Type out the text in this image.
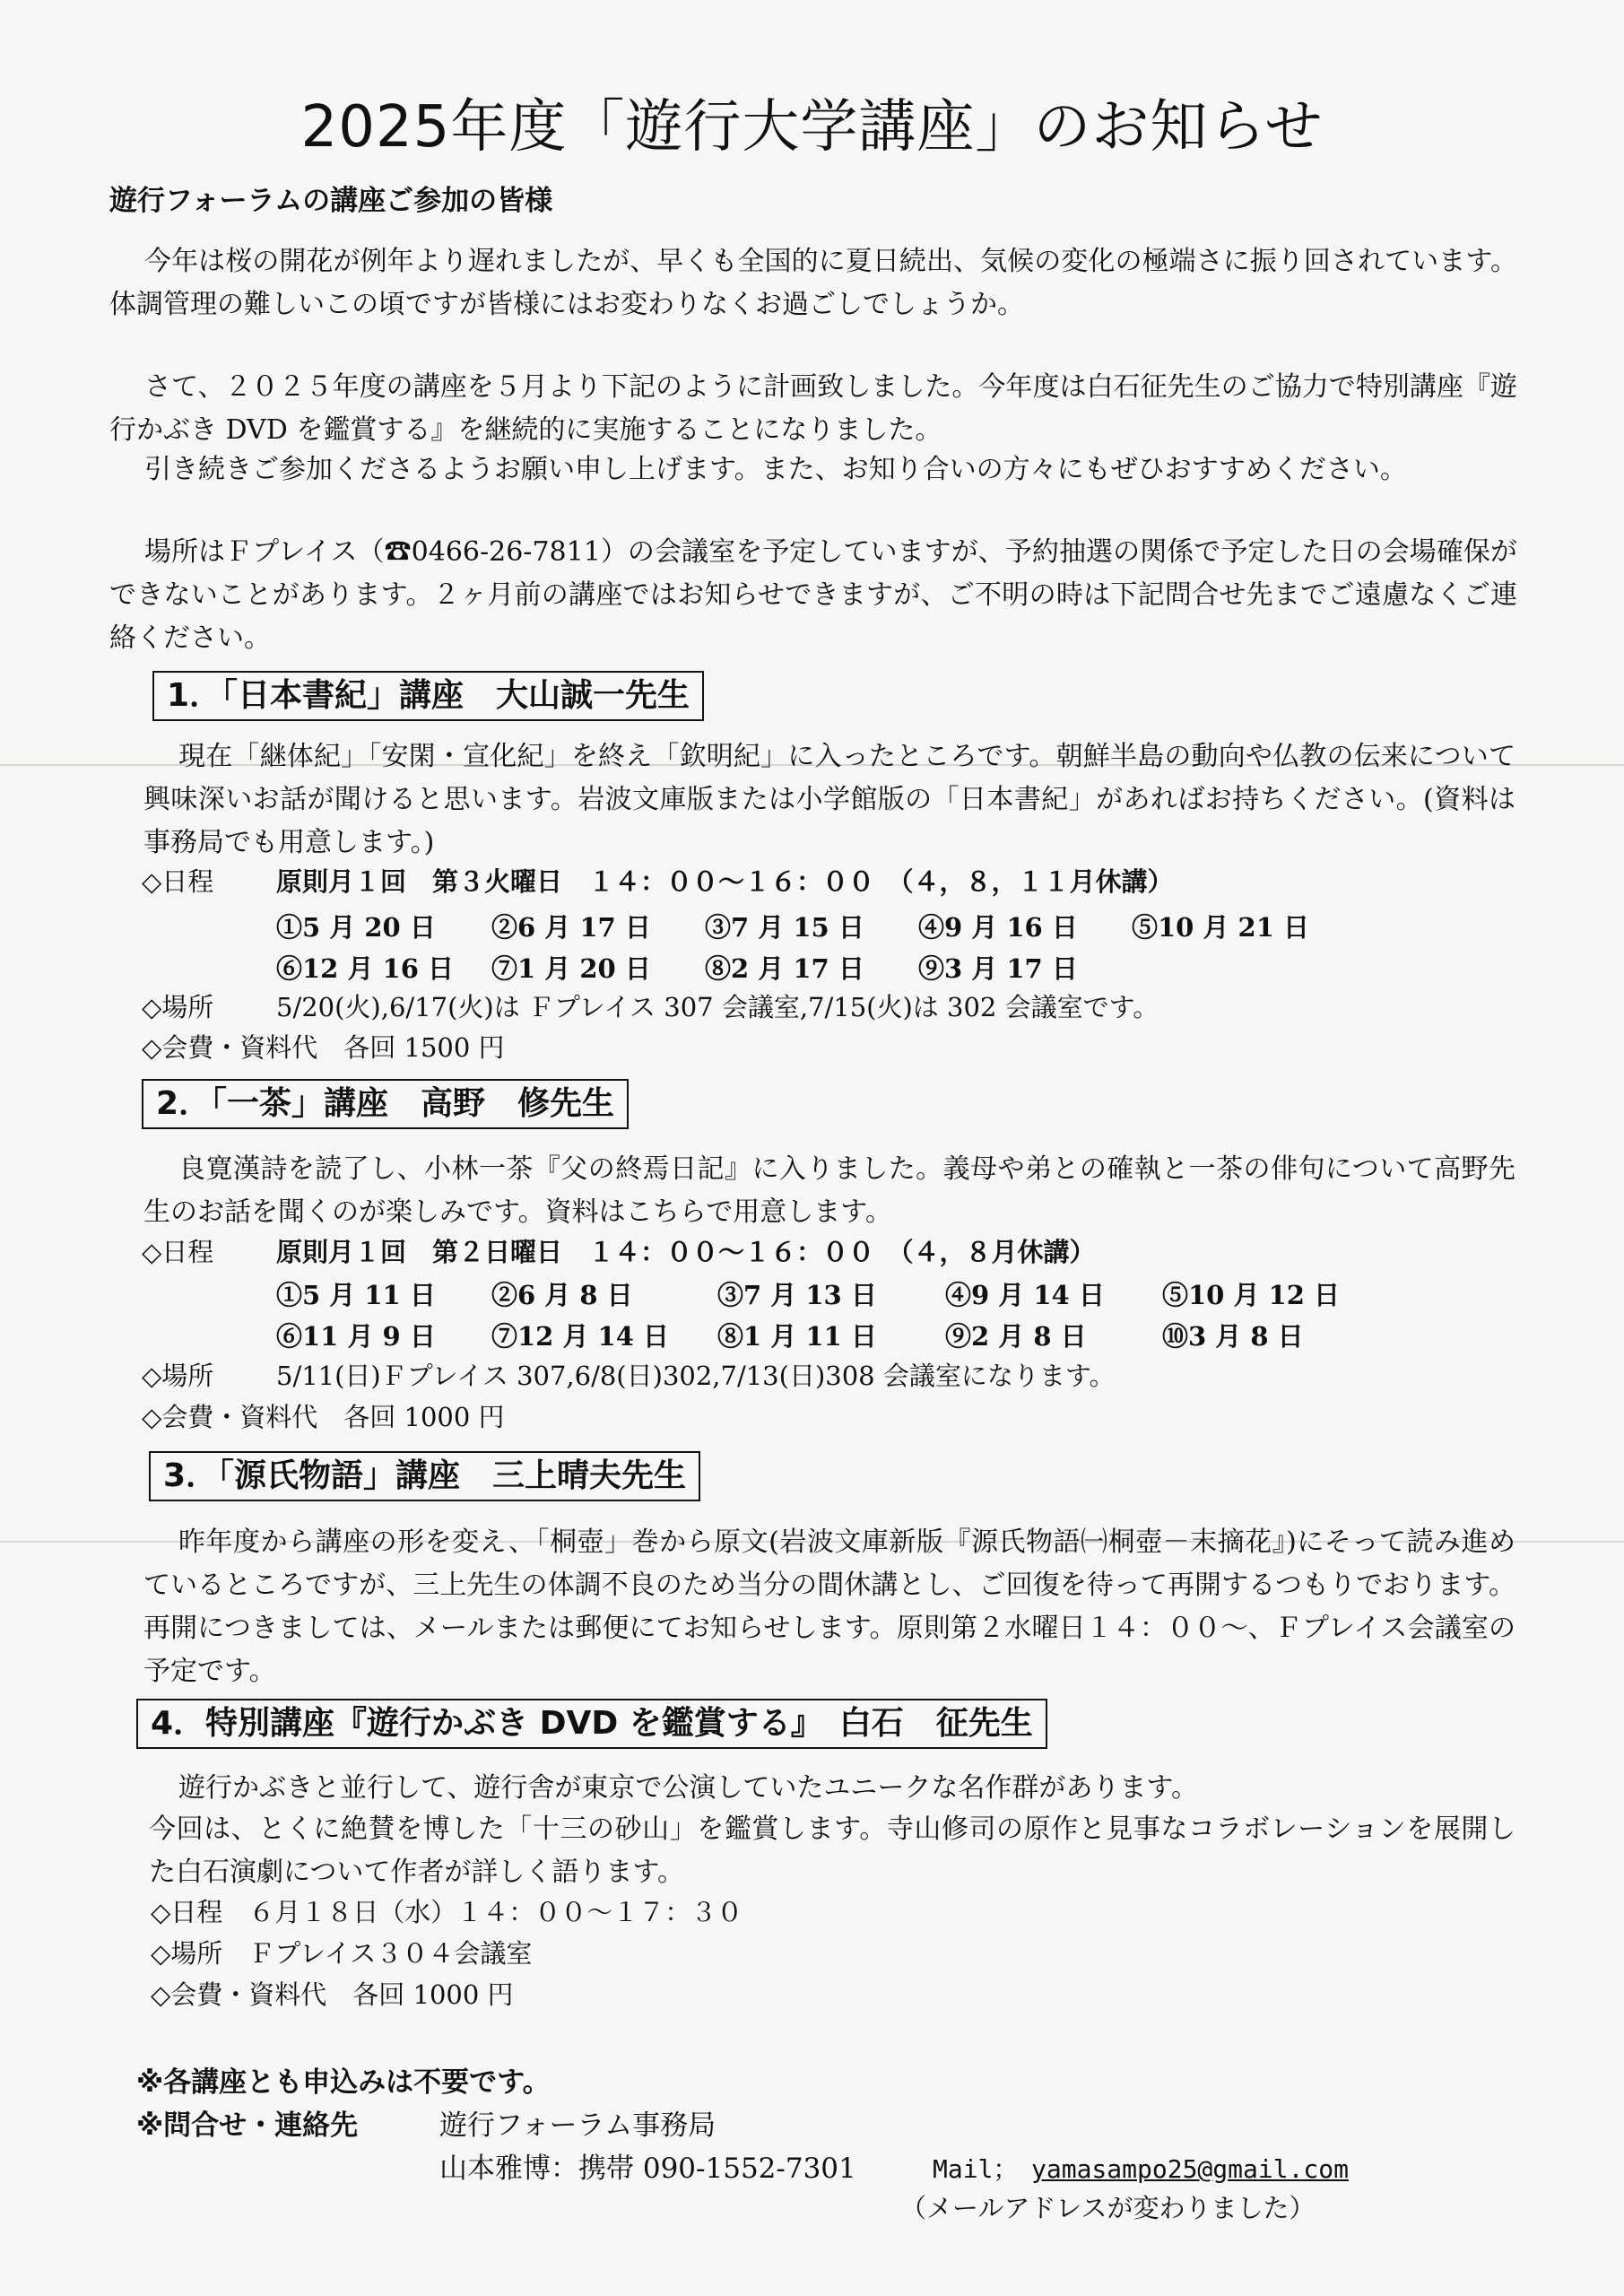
2025年度「遊行大学講座」のお知らせ
遊行フォーラムの講座ご参加の皆様
今年は桜の開花が例年より遅れましたが、早くも全国的に夏日続出、気候の変化の極端さに振り回されています。体調管理の難しいこの頃ですが皆様にはお変わりなくお過ごしでしょうか。
さて、２０２５年度の講座を５月より下記のように計画致しました。今年度は白石征先生のご協力で特別講座『遊行かぶき DVD を鑑賞する』を継続的に実施することになりました。
引き続きご参加くださるようお願い申し上げます。また、お知り合いの方々にもぜひおすすめください。
場所はＦプレイス（☎0466-26-7811）の会議室を予定していますが、予約抽選の関係で予定した日の会場確保ができないことがあります。２ヶ月前の講座ではお知らせできますが、ご不明の時は下記問合せ先までご遠慮なくご連絡ください。
1．「日本書紀」講座　大山誠一先生
現在「継体紀」「安閑・宣化紀」を終え「欽明紀」に入ったところです。朝鮮半島の動向や仏教の伝来について興味深いお話が聞けると思います。岩波文庫版または小学館版の「日本書紀」があればお持ちください。(資料は事務局でも用意します。)
◇日程 原則月１回　第３火曜日　１４：００～１６：００　（４，８，１１月休講）
①5 月 20 日 ②6 月 17 日 ③7 月 15 日 ④9 月 16 日 ⑤10 月 21 日
⑥12 月 16 日 ⑦1 月 20 日 ⑧2 月 17 日 ⑨3 月 17 日
◇場所 5/20(火),6/17(火)は Ｆプレイス 307 会議室,7/15(火)は 302 会議室です。
◇会費・資料代　各回 1500 円
2．「一茶」講座　高野　修先生
良寛漢詩を読了し、小林一茶『父の終焉日記』に入りました。義母や弟との確執と一茶の俳句について高野先生のお話を聞くのが楽しみです。資料はこちらで用意します。
◇日程 原則月１回　第２日曜日　１４：００～１６：００　（４，８月休講）
①5 月 11 日 ②6 月 8 日	③7 月 13 日	④9 月 14 日 ⑤10 月 12 日
⑥11 月 9 日 ⑦12 月 14 日 ⑧1 月 11 日	⑨2 月 8 日	⑩3 月 8 日
◇場所 5/11(日)Ｆプレイス 307,6/8(日)302,7/13(日)308 会議室になります。
◇会費・資料代　各回 1000 円
3．「源氏物語」講座　三上晴夫先生
昨年度から講座の形を変え、「桐壺」巻から原文(岩波文庫新版『源氏物語㈠桐壺－末摘花』)にそって読み進めているところですが、三上先生の体調不良のため当分の間休講とし、ご回復を待って再開するつもりでおります。再開につきましては、メールまたは郵便にてお知らせします。原則第２水曜日１４：００～、Ｆプレイス会議室の予定です。
4．特別講座『遊行かぶき DVD を鑑賞する』　白石　征先生
遊行かぶきと並行して、遊行舎が東京で公演していたユニークな名作群があります。
今回は、とくに絶賛を博した「十三の砂山」を鑑賞します。寺山修司の原作と見事なコラボレーションを展開した白石演劇について作者が詳しく語ります。
◇日程　６月１８日（水）１４：００～１７：３０
◇場所　Ｆプレイス３０４会議室
◇会費・資料代　各回 1000 円
※各講座とも申込みは不要です。
※問合せ・連絡先	遊行フォーラム事務局
山本雅博：携帯 090-1552-7301	Mail； yamasampo25@gmail.com
（メールアドレスが変わりました）
